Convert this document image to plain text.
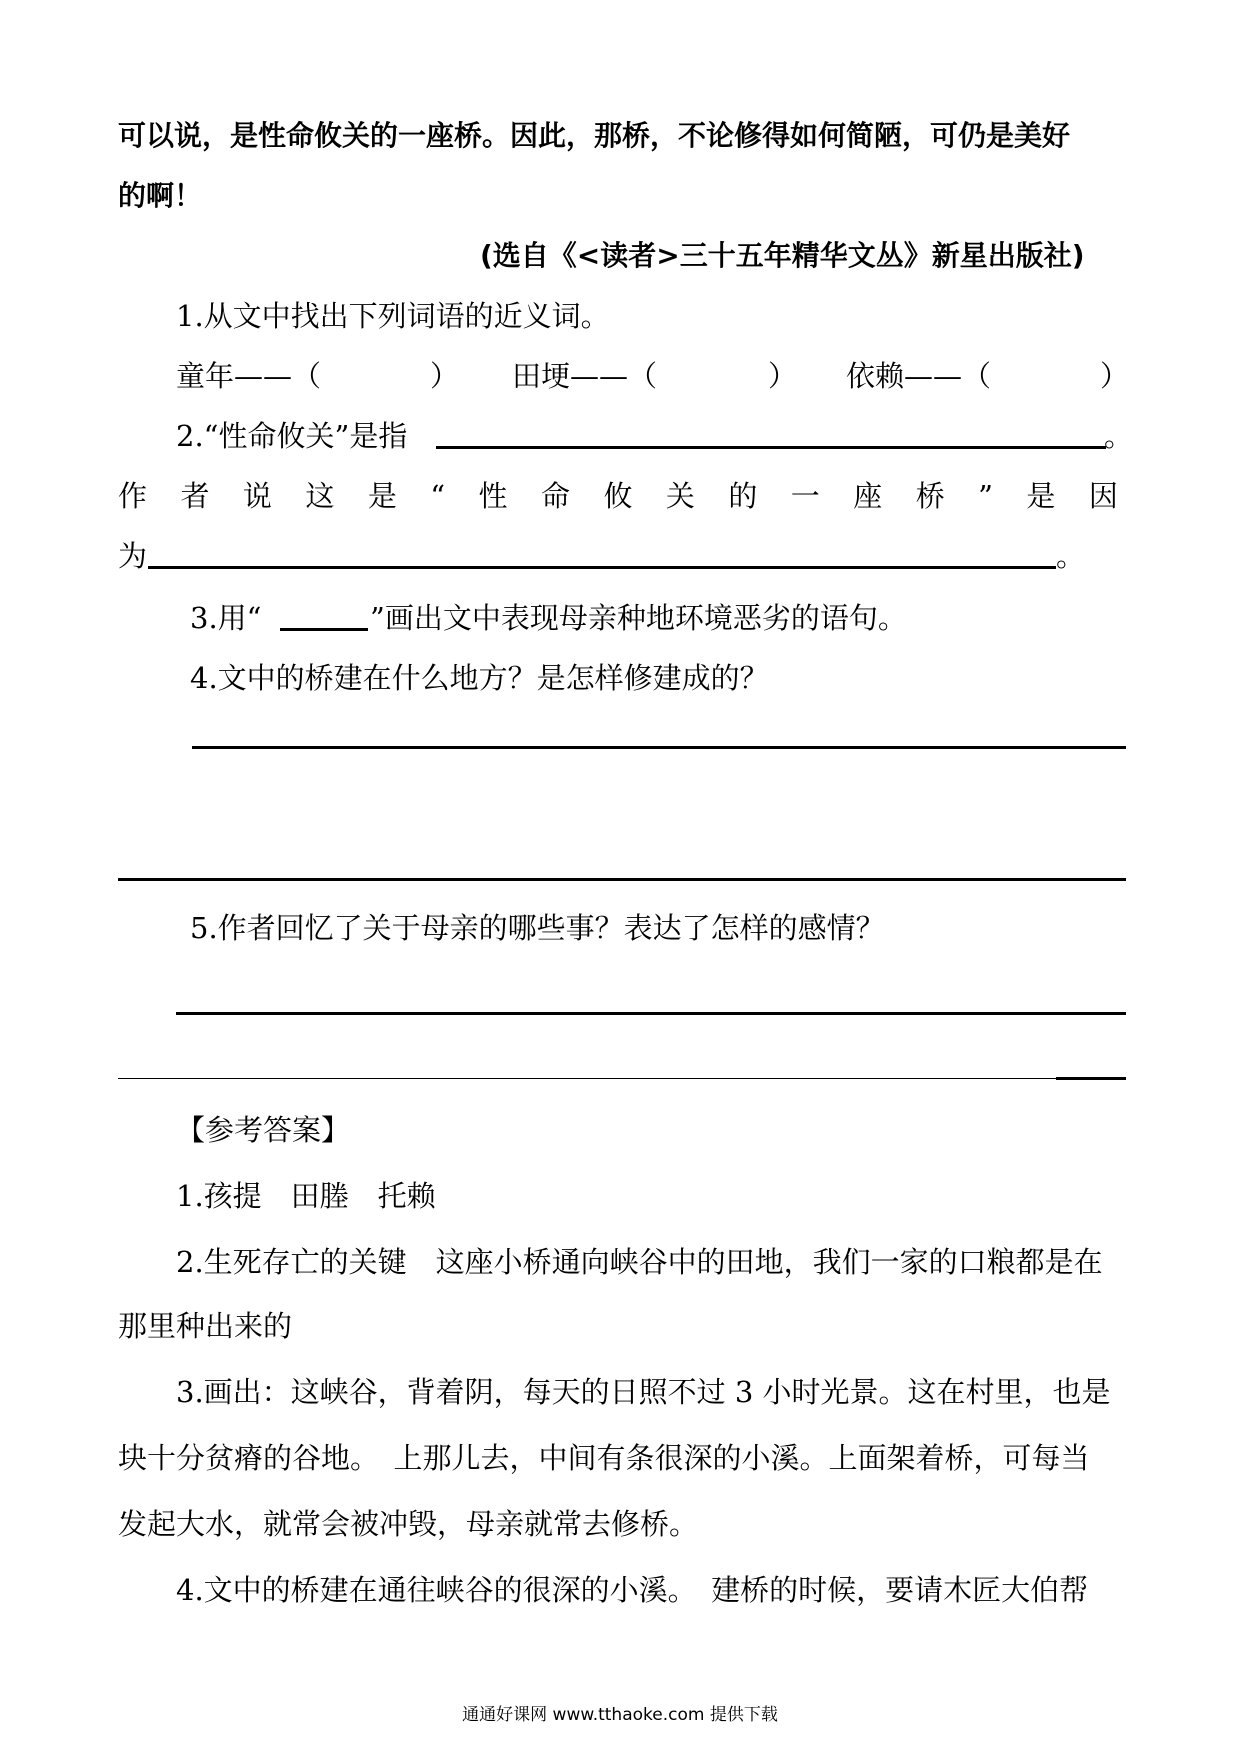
可以说，是性命攸关的一座桥。因此，那桥，不论修得如何简陋，可仍是美好
的啊！
(选自《<读者>三十五年精华文丛》新星出版社)
1.从文中找出下列词语的近义词。
童年——（	） 田埂——（	） 依赖——（	）
2.“性命攸关”是指	。
作 者 说 这 是 “ 性 命 攸 关 的 一 座 桥 ” 是 因
为	。
3.用“	”画出文中表现母亲种地环境恶劣的语句。
4.文中的桥建在什么地方？是怎样修建成的？
5.作者回忆了关于母亲的哪些事？表达了怎样的感情？
【参考答案】
1.孩提　田塍　托赖
2.生死存亡的关键　这座小桥通向峡谷中的田地，我们一家的口粮都是在
那里种出来的
3.画出：这峡谷，背着阴，每天的日照不过 3 小时光景。这在村里，也是
块十分贫瘠的谷地。　上那儿去，中间有条很深的小溪。上面架着桥，可每当
发起大水，就常会被冲毁，母亲就常去修桥。
4.文中的桥建在通往峡谷的很深的小溪。　建桥的时候，要请木匠大伯帮
通通好课网 www.tthaoke.com 提供下载
